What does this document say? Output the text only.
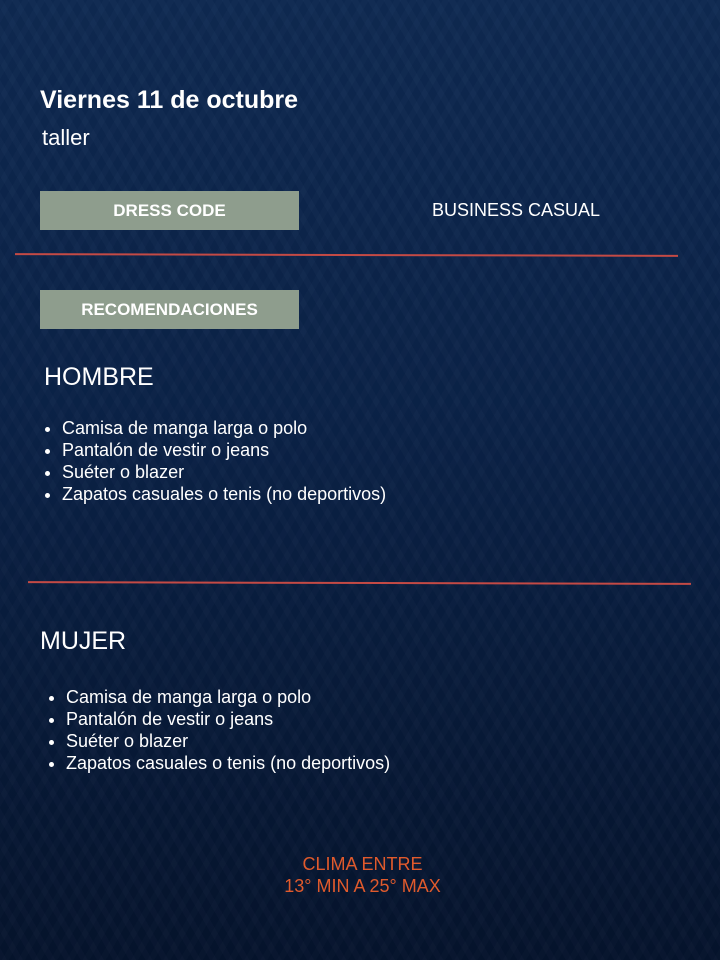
Viernes 11 de octubre
taller
DRESS CODE	BUSINESS CASUAL
RECOMENDACIONES
HOMBRE
• Camisa de manga larga o polo
• Pantalón de vestir o jeans
• Suéter o blazer
• Zapatos casuales o tenis (no deportivos)
MUJER
• Camisa de manga larga o polo
• Pantalón de vestir o jeans
• Suéter o blazer
• Zapatos casuales o tenis (no deportivos)
CLIMA ENTRE
13° MIN A 25° MAX
